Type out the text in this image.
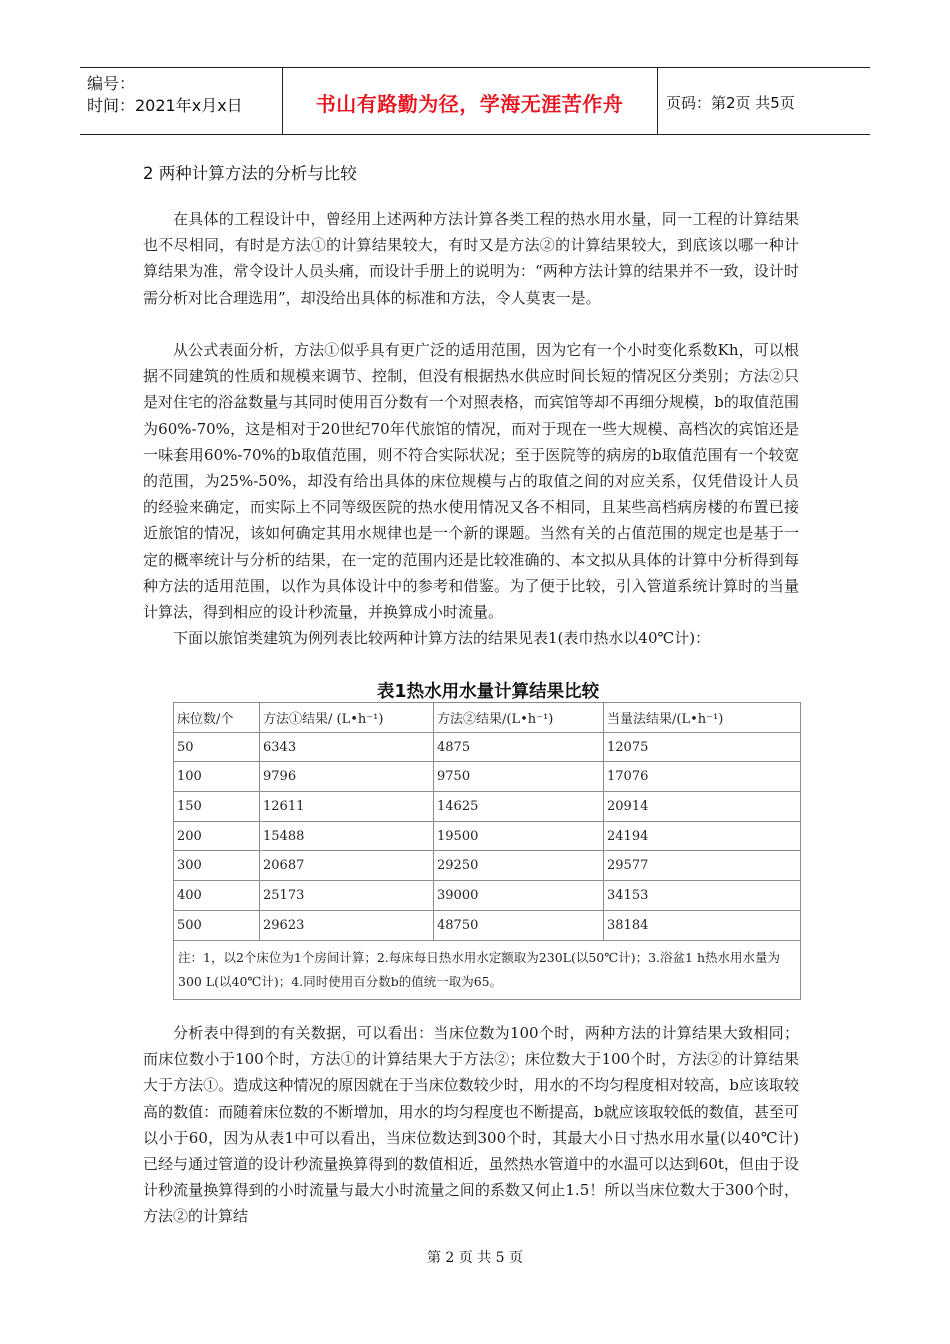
编号：
时间：2021年x月x日	书山有路勤为径，学海无涯苦作舟	页码：第2页 共5页
2 两种计算方法的分析与比较

在具体的工程设计中，曾经用上述两种方法计算各类工程的热水用水量，同一工程的计算结果也不尽相同，有时是方法①的计算结果较大，有时又是方法②的计算结果较大，到底该以哪一种计算结果为准，常令设计人员头痛，而设计手册上的说明为：“两种方法计算的结果并不一致，设计时需分析对比合理选用”，却没给出具体的标准和方法，令人莫衷一是。

从公式表面分析，方法①似乎具有更广泛的适用范围，因为它有一个小时变化系数Kh，可以根据不同建筑的性质和规模来调节、控制，但没有根据热水供应时间长短的情况区分类别；方法②只是对住宅的浴盆数量与其同时使用百分数有一个对照表格，而宾馆等却不再细分规模，b的取值范围为60%-70%，这是相对于20世纪70年代旅馆的情况，而对于现在一些大规模、高档次的宾馆还是一味套用60%-70%的b取值范围，则不符合实际状况；至于医院等的病房的b取值范围有一个较宽的范围，为25%-50%，却没有给出具体的床位规模与占的取值之间的对应关系，仅凭借设计人员的经验来确定，而实际上不同等级医院的热水使用情况又各不相同，且某些高档病房楼的布置已接近旅馆的情况，该如何确定其用水规律也是一个新的课题。当然有关的占值范围的规定也是基于一定的概率统计与分析的结果，在一定的范围内还是比较准确的、本文拟从具体的计算中分析得到每种方法的适用范围，以作为具体设计中的参考和借鉴。为了便于比较，引入管道系统计算时的当量计算法，得到相应的设计秒流量，并换算成小时流量。

下面以旅馆类建筑为例列表比较两种计算方法的结果见表1(表巾热水以40℃计)：

表1热水用水量计算结果比较
床位数/个	方法①结果/ (L•h⁻¹)	方法②结果/(L•h⁻¹)	当量法结果/(L•h⁻¹)
50	6343	4875	12075
100	9796	9750	17076
150	12611	14625	20914
200	15488	19500	24194
300	20687	29250	29577
400	25173	39000	34153
500	29623	48750	38184
注：1，以2个床位为1个房间计算；2.每床每日热水用水定额取为230L(以50℃计)；3.浴盆1 h热水用水量为300 L(以40℃计)；4.同时使用百分数b的值统一取为65。			

分析表中得到的有关数据，可以看出：当床位数为100个时，两种方法的计算结果大致相同；而床位数小于100个时，方法①的计算结果大于方法②；床位数大于100个时，方法②的计算结果大于方法①。造成这种情况的原因就在于当床位数较少时，用水的不均匀程度相对较高，b应该取较高的数值：而随着床位数的不断增加，用水的均匀程度也不断提高，b就应该取较低的数值，甚至可以小于60，因为从表1中可以看出，当床位数达到300个时，其最大小日寸热水用水量(以40℃计)已经与通过管道的设计秒流量换算得到的数值相近，虽然热水管道中的水温可以达到60t，但由于设计秒流量换算得到的小时流量与最大小时流量之间的系数又何止1.5！所以当床位数大于300个时，方法②的计算结

第 2 页 共 5 页
